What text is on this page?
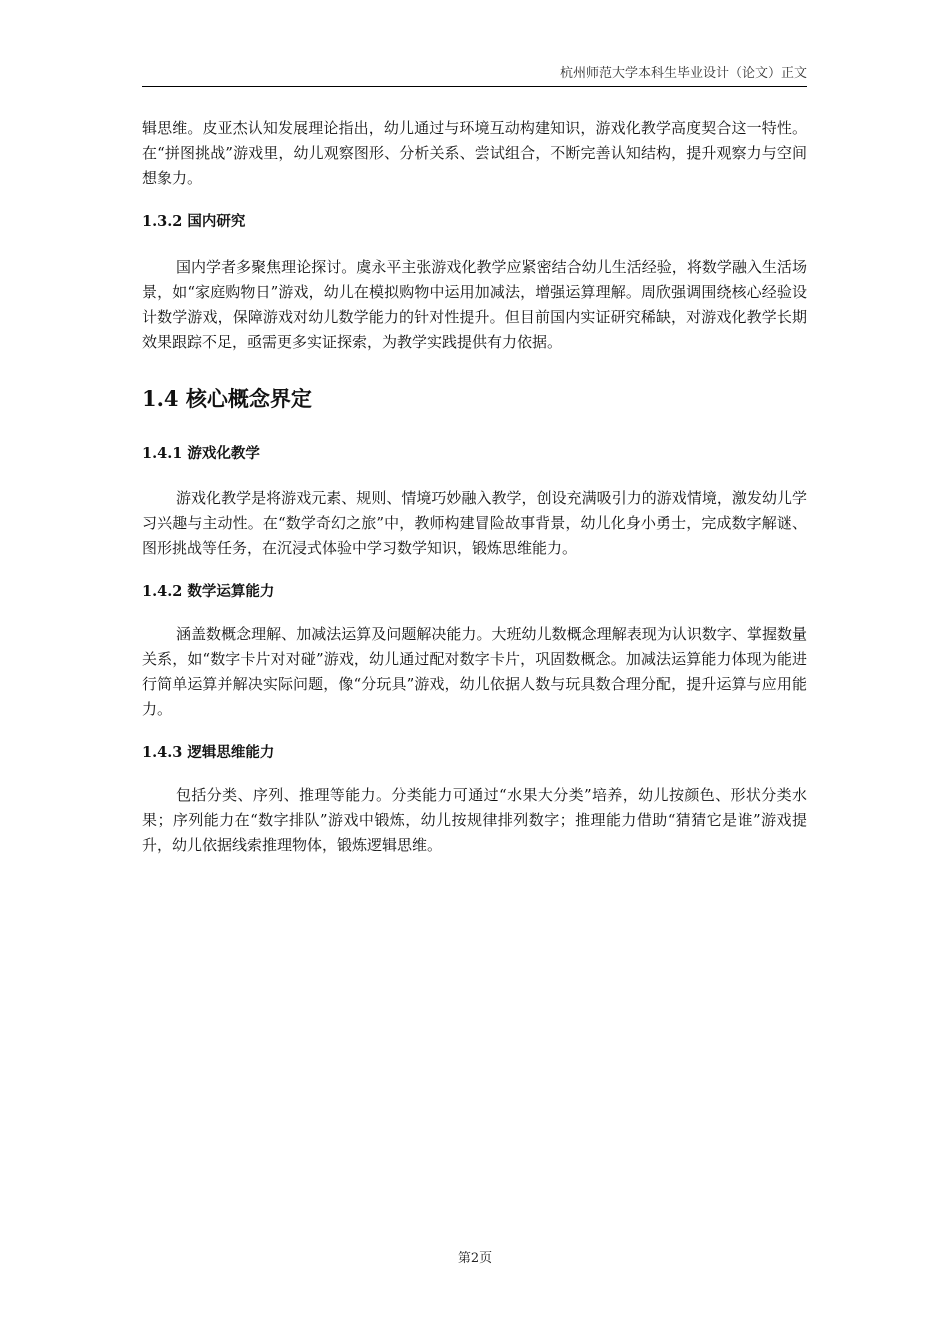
杭州师范大学本科生毕业设计（论文）正文

辑思维。皮亚杰认知发展理论指出，幼儿通过与环境互动构建知识，游戏化教学高度契合这一特性。在“拼图挑战”游戏里，幼儿观察图形、分析关系、尝试组合，不断完善认知结构，提升观察力与空间想象力。

1.3.2 国内研究

国内学者多聚焦理论探讨。虞永平主张游戏化教学应紧密结合幼儿生活经验，将数学融入生活场景，如“家庭购物日”游戏，幼儿在模拟购物中运用加减法，增强运算理解。周欣强调围绕核心经验设计数学游戏，保障游戏对幼儿数学能力的针对性提升。但目前国内实证研究稀缺，对游戏化教学长期效果跟踪不足，亟需更多实证探索，为教学实践提供有力依据。

1.4 核心概念界定
1.4.1 游戏化教学

游戏化教学是将游戏元素、规则、情境巧妙融入教学，创设充满吸引力的游戏情境，激发幼儿学习兴趣与主动性。在“数学奇幻之旅”中，教师构建冒险故事背景，幼儿化身小勇士，完成数字解谜、图形挑战等任务，在沉浸式体验中学习数学知识，锻炼思维能力。

1.4.2 数学运算能力

涵盖数概念理解、加减法运算及问题解决能力。大班幼儿数概念理解表现为认识数字、掌握数量关系，如“数字卡片对对碰”游戏，幼儿通过配对数字卡片，巩固数概念。加减法运算能力体现为能进行简单运算并解决实际问题，像“分玩具”游戏，幼儿依据人数与玩具数合理分配，提升运算与应用能力。

1.4.3 逻辑思维能力

包括分类、序列、推理等能力。分类能力可通过“水果大分类”培养，幼儿按颜色、形状分类水果；序列能力在“数字排队”游戏中锻炼，幼儿按规律排列数字；推理能力借助“猜猜它是谁”游戏提升，幼儿依据线索推理物体，锻炼逻辑思维。

第2页
